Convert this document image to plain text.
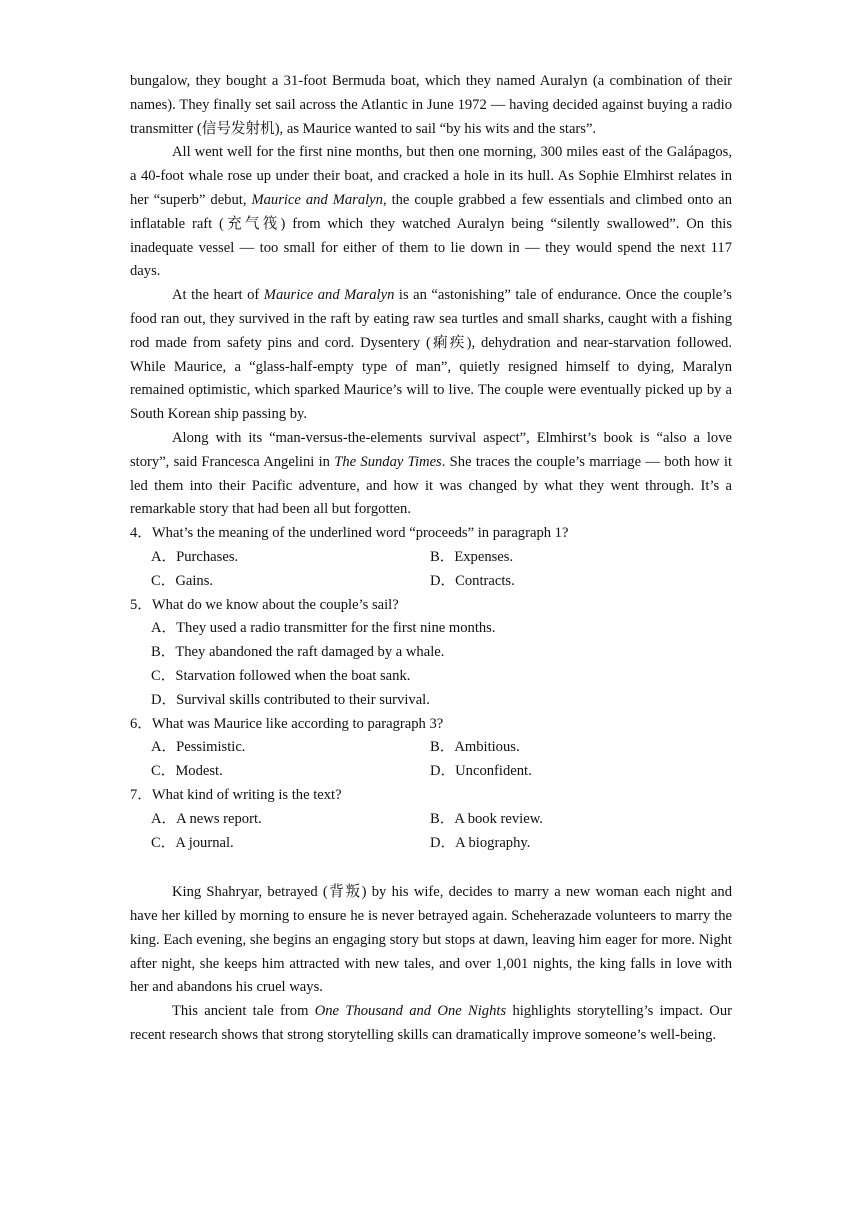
bungalow, they bought a 31-foot Bermuda boat, which they named Auralyn (a combination of their names). They finally set sail across the Atlantic in June 1972 — having decided against buying a radio transmitter (信号发射机), as Maurice wanted to sail “by his wits and the stars”.

All went well for the first nine months, but then one morning, 300 miles east of the Galápagos, a 40-foot whale rose up under their boat, and cracked a hole in its hull. As Sophie Elmhirst relates in her “superb” debut, Maurice and Maralyn, the couple grabbed a few essentials and climbed onto an inflatable raft (充气筏) from which they watched Auralyn being “silently swallowed”. On this inadequate vessel — too small for either of them to lie down in — they would spend the next 117 days.

At the heart of Maurice and Maralyn is an “astonishing” tale of endurance. Once the couple’s food ran out, they survived in the raft by eating raw sea turtles and small sharks, caught with a fishing rod made from safety pins and cord. Dysentery (痢疾), dehydration and near-starvation followed. While Maurice, a “glass-half-empty type of man”, quietly resigned himself to dying, Maralyn remained optimistic, which sparked Maurice’s will to live. The couple were eventually picked up by a South Korean ship passing by.

Along with its “man-versus-the-elements survival aspect”, Elmhirst’s book is “also a love story”, said Francesca Angelini in The Sunday Times. She traces the couple’s marriage — both how it led them into their Pacific adventure, and how it was changed by what they went through. It’s a remarkable story that had been all but forgotten.

4．What’s the meaning of the underlined word “proceeds” in paragraph 1?

A．Purchases.	B．Expenses.
C．Gains.	D．Contracts.

5．What do we know about the couple’s sail?

A．They used a radio transmitter for the first nine months.
B．They abandoned the raft damaged by a whale.
C．Starvation followed when the boat sank.
D．Survival skills contributed to their survival.

6．What was Maurice like according to paragraph 3?

A．Pessimistic.	B．Ambitious.
C．Modest.	D．Unconfident.

7．What kind of writing is the text?

A．A news report.	B．A book review.
C．A journal.	D．A biography.

King Shahryar, betrayed (背叛) by his wife, decides to marry a new woman each night and have her killed by morning to ensure he is never betrayed again. Scheherazade volunteers to marry the king. Each evening, she begins an engaging story but stops at dawn, leaving him eager for more. Night after night, she keeps him attracted with new tales, and over 1,001 nights, the king falls in love with her and abandons his cruel ways.

This ancient tale from One Thousand and One Nights highlights storytelling’s impact. Our recent research shows that strong storytelling skills can dramatically improve someone’s well-being.
